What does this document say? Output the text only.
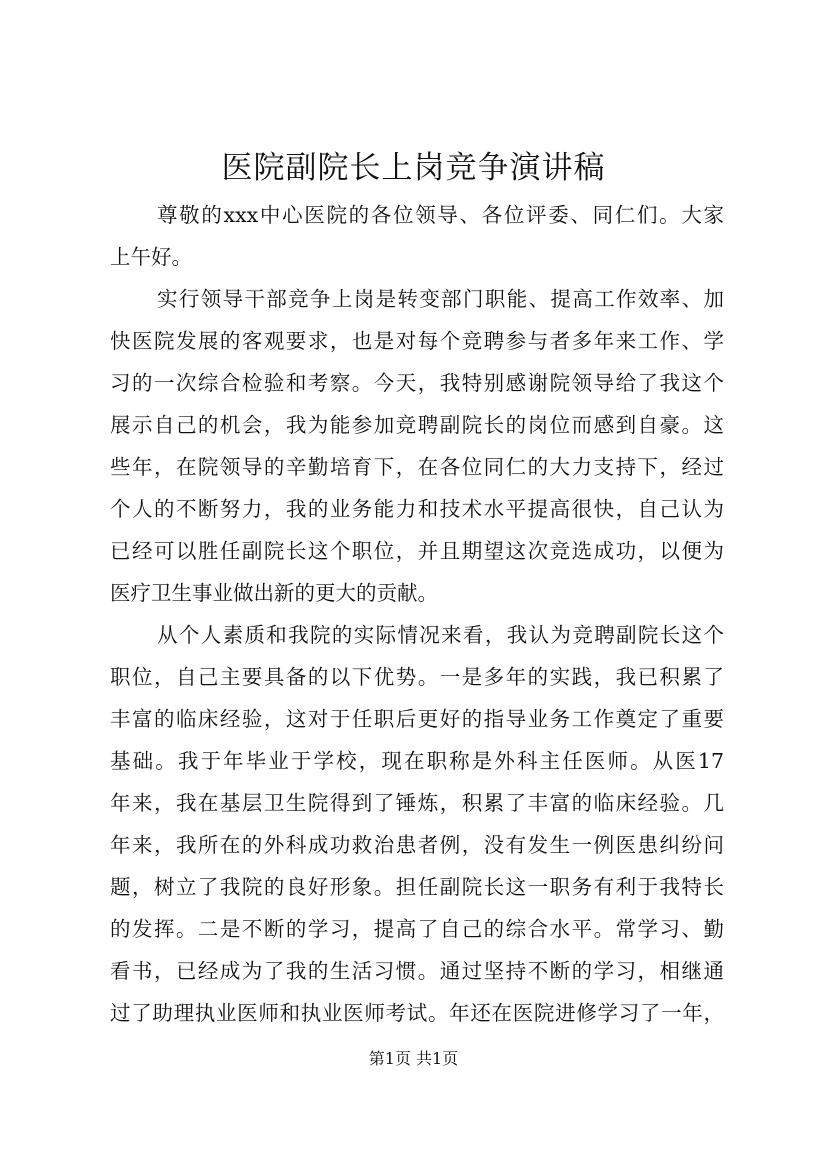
医院副院长上岗竞争演讲稿
尊敬的xxx中心医院的各位领导、各位评委、同仁们。大家
上午好。
实行领导干部竞争上岗是转变部门职能、提高工作效率、加
快医院发展的客观要求，也是对每个竞聘参与者多年来工作、学
习的一次综合检验和考察。今天，我特别感谢院领导给了我这个
展示自己的机会，我为能参加竞聘副院长的岗位而感到自豪。这
些年，在院领导的辛勤培育下，在各位同仁的大力支持下，经过
个人的不断努力，我的业务能力和技术水平提高很快，自己认为
已经可以胜任副院长这个职位，并且期望这次竞选成功，以便为
医疗卫生事业做出新的更大的贡献。
从个人素质和我院的实际情况来看，我认为竞聘副院长这个
职位，自己主要具备的以下优势。一是多年的实践，我已积累了
丰富的临床经验，这对于任职后更好的指导业务工作奠定了重要
基础。我于年毕业于学校，现在职称是外科主任医师。从医17
年来，我在基层卫生院得到了锤炼，积累了丰富的临床经验。几
年来，我所在的外科成功救治患者例，没有发生一例医患纠纷问
题，树立了我院的良好形象。担任副院长这一职务有利于我特长
的发挥。二是不断的学习，提高了自己的综合水平。常学习、勤
看书，已经成为了我的生活习惯。通过坚持不断的学习，相继通
过了助理执业医师和执业医师考试。年还在医院进修学习了一年，
第1页 共1页
